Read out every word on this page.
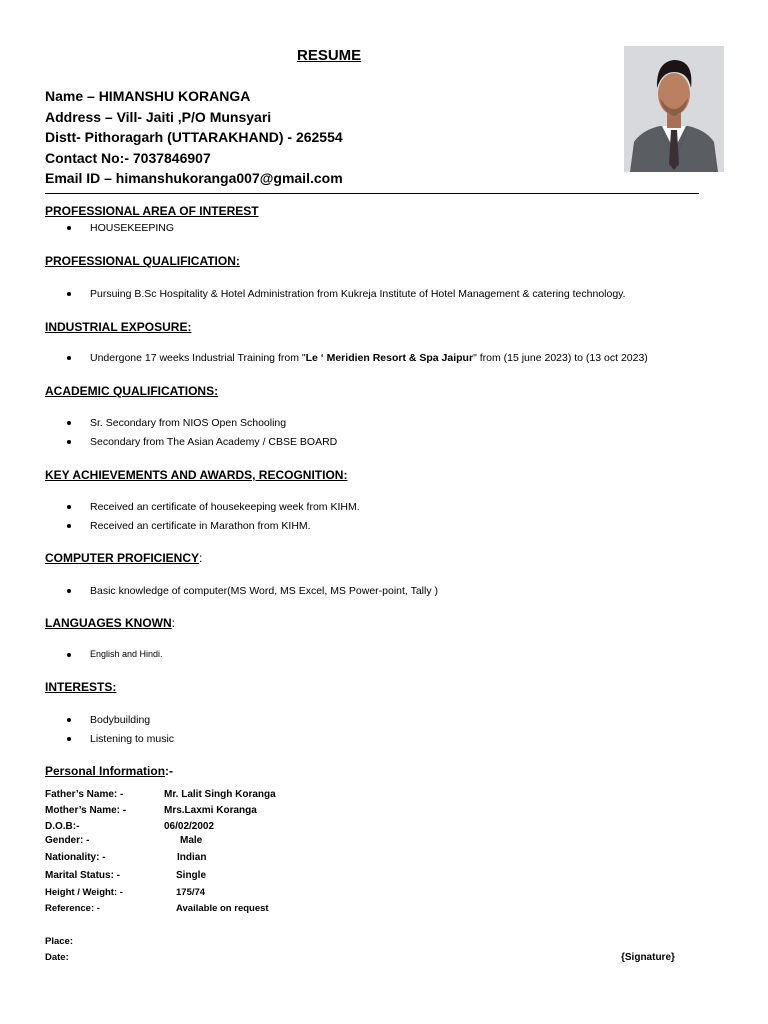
RESUME
Name – HIMANSHU KORANGA
Address – Vill- Jaiti ,P/O Munsyari
Distt- Pithoragarh (UTTARAKHAND) - 262554
Contact No:- 7037846907
Email ID – himanshukoranga007@gmail.com
PROFESSIONAL AREA OF INTEREST
HOUSEKEEPING
PROFESSIONAL QUALIFICATION:
Pursuing B.Sc Hospitality & Hotel Administration from Kukreja Institute of Hotel Management & catering technology.
INDUSTRIAL EXPOSURE:
Undergone 17 weeks Industrial Training from "Le ‘ Meridien Resort & Spa Jaipur" from (15 june 2023) to (13 oct 2023)
ACADEMIC QUALIFICATIONS:
Sr. Secondary from NIOS Open Schooling
Secondary from The Asian Academy / CBSE BOARD
KEY ACHIEVEMENTS AND AWARDS, RECOGNITION:
Received an certificate of housekeeping week from KIHM.
Received an certificate in Marathon from KIHM.
COMPUTER PROFICIENCY:
Basic knowledge of computer(MS Word, MS Excel, MS Power-point, Tally )
LANGUAGES KNOWN:
English and Hindi.
INTERESTS:
Bodybuilding
Listening to music
Personal Information:-
Father’s Name: -	Mr. Lalit Singh Koranga
Mother’s Name: -	Mrs.Laxmi Koranga
D.O.B:-	06/02/2002
Gender: -	Male
Nationality: -	Indian
Marital Status: -	Single
Height / Weight: -	175/74
Reference: -	Available on request
Place:
Date:	{Signature}
